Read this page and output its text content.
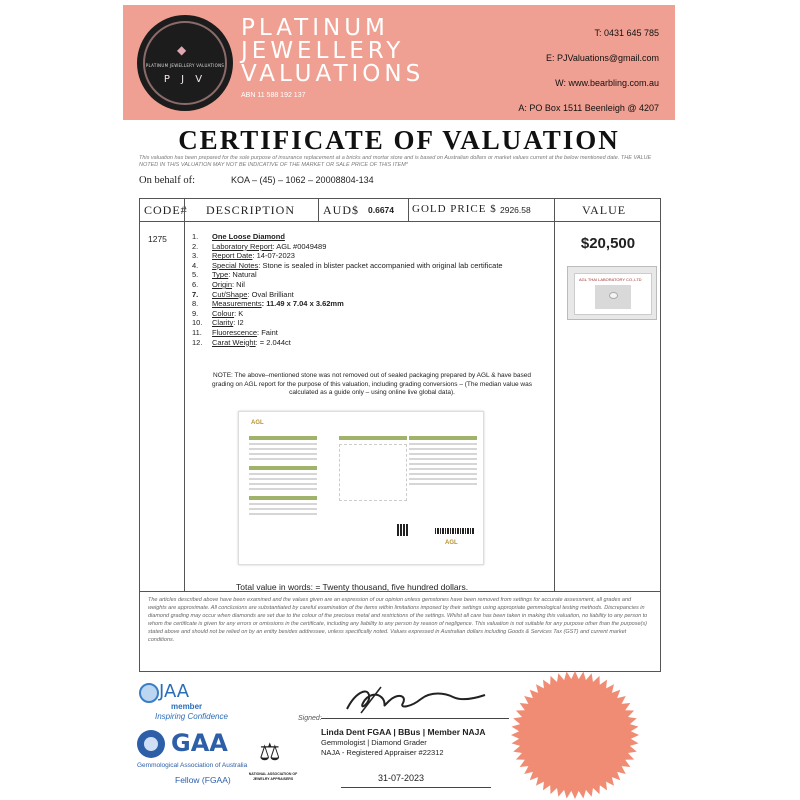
◆
PLATINUM JEWELLERY VALUATIONS
P J V
PLATINUM
JEWELLERY
VALUATIONS
ABN 11 588 192 137
T: 0431 645 785
E: PJValuations@gmail.com
W: www.bearbling.com.au
A: PO Box 1511 Beenleigh @ 4207
CERTIFICATE OF VALUATION
This valuation has been prepared for the sole purpose of insurance replacement at a bricks and mortar store and is based on Australian dollars or market values current at the below mentioned date. THE VALUE NOTED IN THIS VALUATION MAY NOT BE INDICATIVE OF THE MARKET OR SALE PRICE OF THIS ITEM*
On behalf of:	KOA – (45) – 1062 – 20008804-134
CODE# DESCRIPTION AUD$ 0.6674 GOLD PRICE $ 2926.58	VALUE
1275	1. One Loose Diamond
2. Laboratory Report: AGL #0049489
3. Report Date: 14-07-2023
4. Special Notes: Stone is sealed in blister packet accompanied with original lab certificate
5. Type: Natural
6. Origin: Nil
7. Cut/Shape: Oval Brilliant
8. Measurements: 11.49 x 7.04 x 3.62mm
9. Colour: K
10. Clarity: I2
11. Fluorescence: Faint
12. Carat Weight: = 2.044ct
$20,500
AGL THAI LABORATORY CO.,LTD
NOTE: The above–mentioned stone was not removed out of sealed packaging prepared by AGL & have based grading on AGL report for the purpose of this valuation, including grading conversions – (The median value was calculated as a guide only – using online live global data).
AGL
AGL
Total value in words: = Twenty thousand, five hundred dollars.
The articles described above have been examined and the values given are an expression of our opinion unless gemstones have been removed from settings for accurate assessment, all grades and weights are approximate. All conclusions are substantiated by careful examination of the items within limitations imposed by their settings using appropriate gemmological testing methods. Discrepancies in diamond grading may occur when diamonds are set due to the colour of the precious metal and restrictions of the settings. Whilst all care has been taken in making this valuation, no liability to any person to whom the certificate is given for any errors or omissions in the certificate, including any liability to any person by reason of negligence. This valuation is not suitable for any purpose other than the purpose(s) stated above and should not be relied on by an entity besides addressee, unless specifically noted. Values expressed in Australian dollars including Goods & Services Tax (GST) and current market conditions.
JAA
member
Inspiring Confidence
GAA
Gemmological Association of Australia
Fellow (FGAA)
⚖
NATIONAL ASSOCIATION OF JEWELRY APPRAISERS
Signed:
Linda Dent FGAA | BBus | Member NAJA
Gemmologist | Diamond Grader
NAJA - Registered Appraiser #22312
31-07-2023
